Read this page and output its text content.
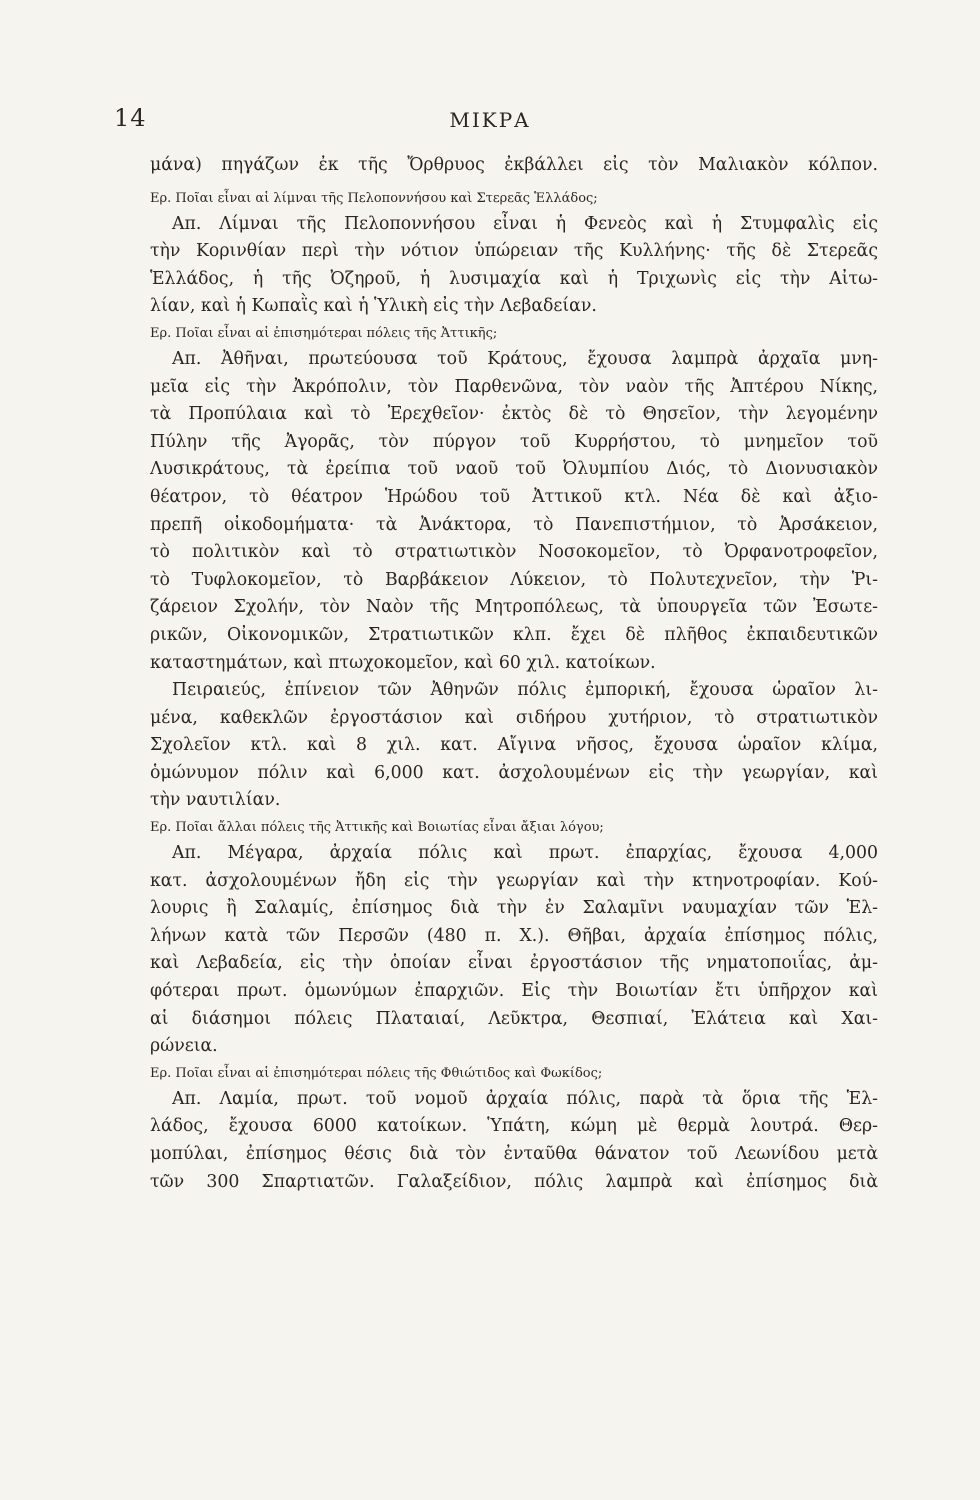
14	ΜΙΚΡΑ
μάνα) πηγάζων ἐκ τῆς Ὄρθρυος ἐκβάλλει εἰς τὸν Μαλιακὸν κόλπον.
Ερ. Ποῖαι εἶναι αἱ λίμναι τῆς Πελοποννήσου καὶ Στερεᾶς Ἑλλάδος;
Απ. Λίμναι τῆς Πελοποννήσου εἶναι ἡ Φενεὸς καὶ ἡ Στυμφαλὶς εἰς
τὴν Κορινθίαν περὶ τὴν νότιον ὑπώρειαν τῆς Κυλλήνης· τῆς δὲ Στερεᾶς
Ἑλλάδος, ἡ τῆς Ὀζηροῦ, ἡ λυσιμαχία καὶ ἡ Τριχωνὶς εἰς τὴν Αἰτω-
λίαν, καὶ ἡ Κωπαῒς καὶ ἡ Ὑλικὴ εἰς τὴν Λεβαδείαν.
Ερ. Ποῖαι εἶναι αἱ ἐπισημότεραι πόλεις τῆς Ἀττικῆς;
Απ. Ἀθῆναι, πρωτεύουσα τοῦ Κράτους, ἔχουσα λαμπρὰ ἀρχαῖα μνη-
μεῖα εἰς τὴν Ἀκρόπολιν, τὸν Παρθενῶνα, τὸν ναὸν τῆς Ἀπτέρου Νίκης,
τὰ Προπύλαια καὶ τὸ Ἐρεχθεῖον· ἐκτὸς δὲ τὸ Θησεῖον, τὴν λεγομένην
Πύλην τῆς Ἀγορᾶς, τὸν πύργον τοῦ Κυρρήστου, τὸ μνημεῖον τοῦ
Λυσικράτους, τὰ ἐρείπια τοῦ ναοῦ τοῦ Ὀλυμπίου Διός, τὸ Διονυσιακὸν
θέατρον, τὸ θέατρον Ἡρώδου τοῦ Ἀττικοῦ κτλ. Νέα δὲ καὶ ἀξιο-
πρεπῆ οἰκοδομήματα· τὰ Ἀνάκτορα, τὸ Πανεπιστήμιον, τὸ Ἀρσάκειον,
τὸ πολιτικὸν καὶ τὸ στρατιωτικὸν Νοσοκομεῖον, τὸ Ὀρφανοτροφεῖον,
τὸ Τυφλοκομεῖον, τὸ Βαρβάκειον Λύκειον, τὸ Πολυτεχνεῖον, τὴν Ῥι-
ζάρειον Σχολήν, τὸν Ναὸν τῆς Μητροπόλεως, τὰ ὑπουργεῖα τῶν Ἐσωτε-
ρικῶν, Οἰκονομικῶν, Στρατιωτικῶν κλπ. ἔχει δὲ πλῆθος ἐκπαιδευτικῶν
καταστημάτων, καὶ πτωχοκομεῖον, καὶ 60 χιλ. κατοίκων.
Πειραιεύς, ἐπίνειον τῶν Ἀθηνῶν πόλις ἐμπορική, ἔχουσα ὡραῖον λι-
μένα, καθεκλῶν ἐργοστάσιον καὶ σιδήρου χυτήριον, τὸ στρατιωτικὸν
Σχολεῖον κτλ. καὶ 8 χιλ. κατ. Αἴγινα νῆσος, ἔχουσα ὡραῖον κλίμα,
ὁμώνυμον πόλιν καὶ 6,000 κατ. ἀσχολουμένων εἰς τὴν γεωργίαν, καὶ
τὴν ναυτιλίαν.
Ερ. Ποῖαι ἄλλαι πόλεις τῆς Ἀττικῆς καὶ Βοιωτίας εἶναι ἄξιαι λόγου;
Απ. Μέγαρα, ἀρχαία πόλις καὶ πρωτ. ἐπαρχίας, ἔχουσα 4,000
κατ. ἀσχολουμένων ἤδη εἰς τὴν γεωργίαν καὶ τὴν κτηνοτροφίαν. Κού-
λουρις ἢ Σαλαμίς, ἐπίσημος διὰ τὴν ἐν Σαλαμῖνι ναυμαχίαν τῶν Ἑλ-
λήνων κατὰ τῶν Περσῶν (480 π. Χ.). Θῆβαι, ἀρχαία ἐπίσημος πόλις,
καὶ Λεβαδεία, εἰς τὴν ὁποίαν εἶναι ἐργοστάσιον τῆς νηματοποιΐας, ἀμ-
φότεραι πρωτ. ὁμωνύμων ἐπαρχιῶν. Εἰς τὴν Βοιωτίαν ἔτι ὑπῆρχον καὶ
αἱ διάσημοι πόλεις Πλαταιαί, Λεῦκτρα, Θεσπιαί, Ἐλάτεια καὶ Χαι-
ρώνεια.
Ερ. Ποῖαι εἶναι αἱ ἐπισημότεραι πόλεις τῆς Φθιώτιδος καὶ Φωκίδος;
Απ. Λαμία, πρωτ. τοῦ νομοῦ ἀρχαία πόλις, παρὰ τὰ ὅρια τῆς Ἑλ-
λάδος, ἔχουσα 6000 κατοίκων. Ὑπάτη, κώμη μὲ θερμὰ λουτρά. Θερ-
μοπύλαι, ἐπίσημος θέσις διὰ τὸν ἐνταῦθα θάνατον τοῦ Λεωνίδου μετὰ
τῶν 300 Σπαρτιατῶν. Γαλαξείδιον, πόλις λαμπρὰ καὶ ἐπίσημος διὰ
